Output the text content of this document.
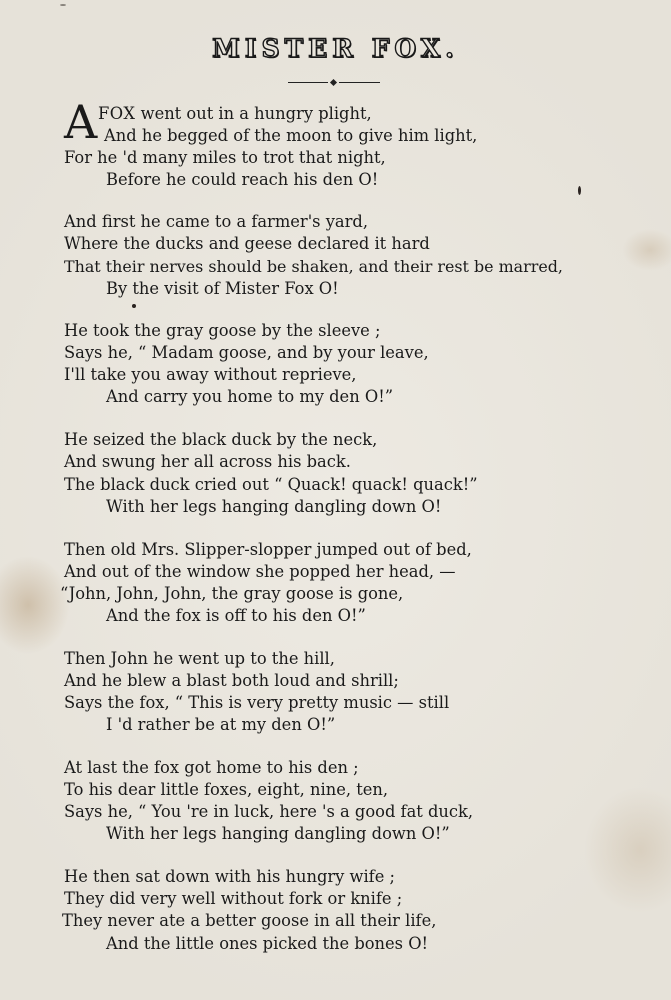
MISTER FOX.
A FOX went out in a hungry plight,
And he begged of the moon to give him light,
For he 'd many miles to trot that night,
Before he could reach his den O!
And first he came to a farmer's yard,
Where the ducks and geese declared it hard
That their nerves should be shaken, and their rest be marred,
By the visit of Mister Fox O!
He took the gray goose by the sleeve ;
Says he, “ Madam goose, and by your leave,
I'll take you away without reprieve,
And carry you home to my den O!”
He seized the black duck by the neck,
And swung her all across his back.
The black duck cried out “ Quack! quack! quack!”
With her legs hanging dangling down O!
Then old Mrs. Slipper-slopper jumped out of bed,
And out of the window she popped her head, —
“John, John, John, the gray goose is gone,
And the fox is off to his den O!”
Then John he went up to the hill,
And he blew a blast both loud and shrill;
Says the fox, “ This is very pretty music — still
I 'd rather be at my den O!”
At last the fox got home to his den ;
To his dear little foxes, eight, nine, ten,
Says he, “ You 're in luck, here 's a good fat duck,
With her legs hanging dangling down O!”
He then sat down with his hungry wife ;
They did very well without fork or knife ;
They never ate a better goose in all their life,
And the little ones picked the bones O!
